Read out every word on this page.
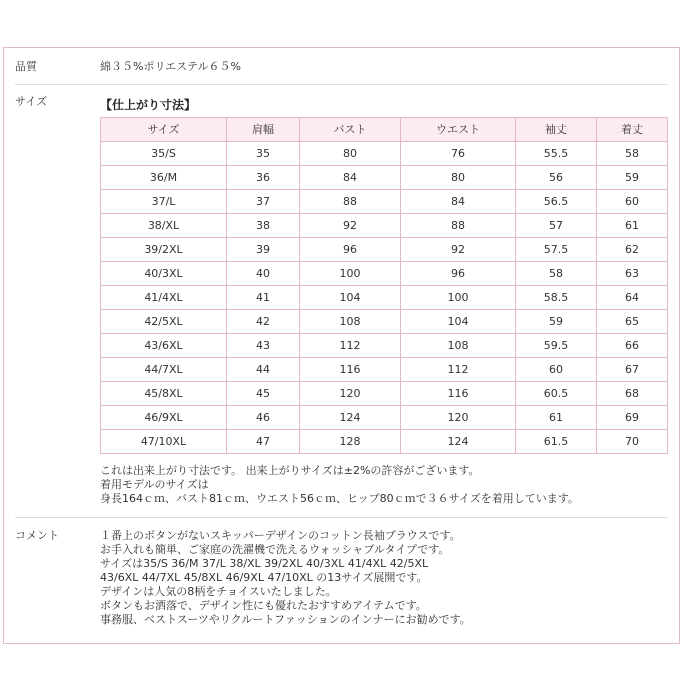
品質	綿３５%ポリエステル６５%
サイズ	【仕上がり寸法】
サイズ	肩幅	バスト	ウエスト	袖丈	着丈
35/S	35	80	76	55.5	58
36/M	36	84	80	56	59
37/L	37	88	84	56.5	60
38/XL	38	92	88	57	61
39/2XL	39	96	92	57.5	62
40/3XL	40	100	96	58	63
41/4XL	41	104	100	58.5	64
42/5XL	42	108	104	59	65
43/6XL	43	112	108	59.5	66
44/7XL	44	116	112	60	67
45/8XL	45	120	116	60.5	68
46/9XL	46	124	120	61	69
47/10XL	47	128	124	61.5	70
これは出来上がり寸法です。 出来上がりサイズは±2%の許容がございます。
着用モデルのサイズは
身長164ｃｍ、バスト81ｃｍ、ウエスト56ｃｍ、ヒップ80ｃｍで３６サイズを着用しています。
コメント	１番上のボタンがないスキッパーデザインのコットン長袖ブラウスです。
お手入れも簡単、ご家庭の洗濯機で洗えるウォッシャブルタイプです。
サイズは35/S 36/M 37/L 38/XL 39/2XL 40/3XL 41/4XL 42/5XL
43/6XL 44/7XL 45/8XL 46/9XL 47/10XL の13サイズ展開です。
デザインは人気の8柄をチョイスいたしました。
ボタンもお洒落で、デザイン性にも優れたおすすめアイテムです。
事務服、ベストスーツやリクルートファッションのインナーにお勧めです。
